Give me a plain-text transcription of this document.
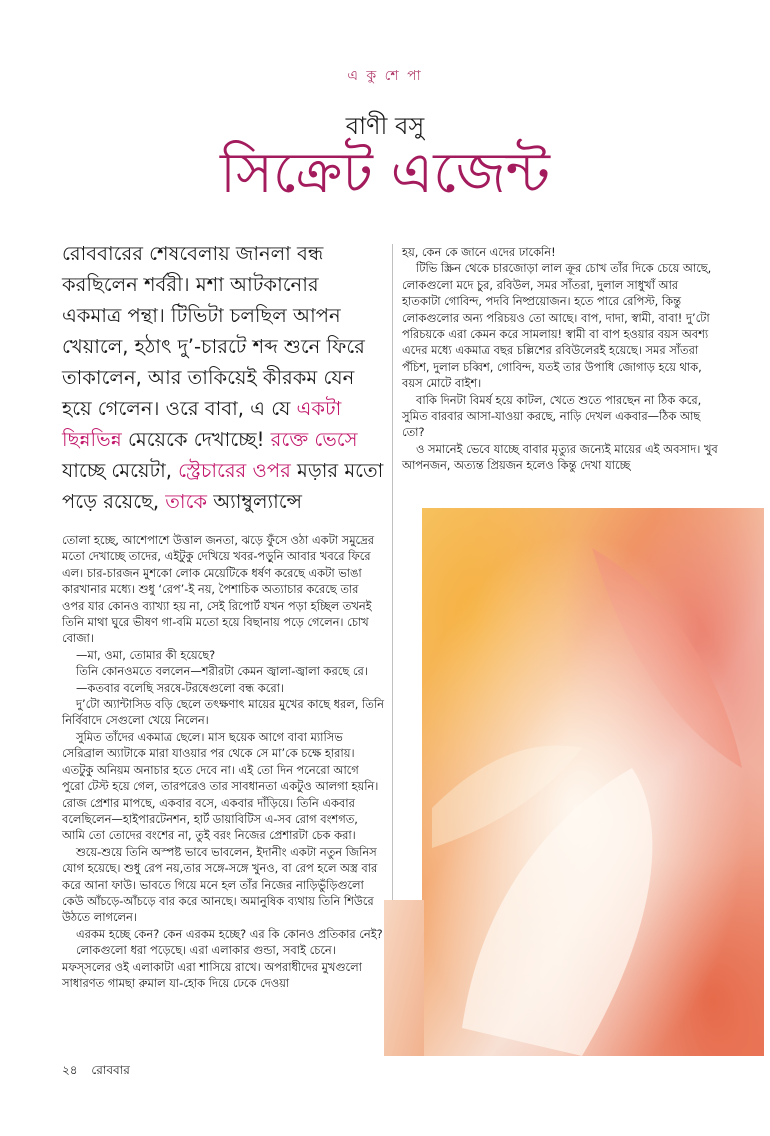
এ কু শে পা
বাণী বসু
সিক্রেট এজেন্ট
রোববারের শেষবেলায় জানলা বন্ধ করছিলেন শর্বরী। মশা আটকানোর একমাত্র পন্থা। টিভিটা চলছিল আপন খেয়ালে, হঠাৎ দু’-চারটে শব্দ শুনে ফিরে তাকালেন, আর তাকিয়েই কীরকম যেন হয়ে গেলেন। ওরে বাবা, এ যে একটা ছিন্নভিন্ন মেয়েকে দেখাচ্ছে! রক্তে ভেসে যাচ্ছে মেয়েটা, স্ট্রেচারের ওপর মড়ার মতো পড়ে রয়েছে, তাকে অ্যাম্বুল্যান্সে

তোলা হচ্ছে, আশেপাশে উত্তাল জনতা, ঝড়ে ফুঁসে ওঠা একটা সমুদ্রের মতো দেখাচ্ছে তাদের, এইটুকু দেখিয়ে খবর-পড়ুনি আবার খবরে ফিরে এল। চার-চারজন মুশকো লোক মেয়েটিকে ধর্ষণ করেছে একটা ভাঙা কারখানার মধ্যে। শুধু ‘রেপ’-ই নয়, পৈশাচিক অত্যাচার করেছে তার ওপর যার কোনও ব্যাখ্যা হয় না, সেই রিপোর্ট যখন পড়া হচ্ছিল তখনই তিনি মাথা ঘুরে ভীষণ গা-বমি মতো হয়ে বিছানায় পড়ে গেলেন। চোখ বোজা।

—মা, ওমা, তোমার কী হয়েছে?

তিনি কোনওমতে বললেন—শরীরটা কেমন জ্বালা-জ্বালা করছে রে।

—কতবার বলেছি সরষে-টরষেগুলো বন্ধ করো।

দু’টো অ্যান্টাসিড বড়ি ছেলে তৎক্ষণাৎ মায়ের মুখের কাছে ধরল, তিনি নির্বিবাদে সেগুলো খেয়ে নিলেন।

সুমিত তাঁদের একমাত্র ছেলে। মাস ছয়েক আগে বাবা ম্যাসিভ সেরিব্রাল অ্যাটাকে মারা যাওয়ার পর থেকে সে মা’কে চক্ষে হারায়। এতটুকু অনিয়ম অনাচার হতে দেবে না। এই তো দিন পনেরো আগে পুরো টেস্ট হয়ে গেল, তারপরেও তার সাবধানতা একটুও আলগা হয়নি। রোজ প্রেশার মাপছে, একবার বসে, একবার দাঁড়িয়ে। তিনি একবার বলেছিলেন—হাইপারটেনশন, হার্ট ডায়াবিটিস এ-সব রোগ বংশগত, আমি তো তোদের বংশের না, তুই বরং নিজের প্রেশারটা চেক করা।

শুয়ে-শুয়ে তিনি অস্পষ্ট ভাবে ভাবলেন, ইদানীং একটা নতুন জিনিস যোগ হয়েছে। শুধু রেপ নয়,তার সঙ্গে-সঙ্গে খুনও, বা রেপ হলে অস্ত্র বার করে আনা ফাউ। ভাবতে গিয়ে মনে হল তাঁর নিজের নাড়িভুঁড়িগুলো কেউ আঁচড়ে-আঁচড়ে বার করে আনছে। অমানুষিক ব্যথায় তিনি শিউরে উঠতে লাগলেন।

এরকম হচ্ছে কেন? কেন এরকম হচ্ছে? এর কি কোনও প্রতিকার নেই?

লোকগুলো ধরা পড়েছে। এরা এলাকার গুন্ডা, সবাই চেনে। মফস্সলের ওই এলাকাটা এরা শাসিয়ে রাখে। অপরাধীদের মুখগুলো সাধারণত গামছা রুমাল যা-হোক দিয়ে ঢেকে দেওয়া

হয়, কেন কে জানে এদের ঢাকেনি!

টিভি স্ক্রিন থেকে চারজোড়া লাল ক্রূর চোখ তাঁর দিকে চেয়ে আছে, লোকগুলো মদে চুর, রবিউল, সমর সাঁতরা, দুলাল সাধুখাঁ আর হাতকাটা গোবিন্দ, পদবি নিষ্প্রয়োজন। হতে পারে রেপিস্ট, কিন্তু লোকগুলোর অন্য পরিচয়ও তো আছে। বাপ, দাদা, স্বামী, বাবা! দু’টো পরিচয়কে এরা কেমন করে সামলায়! স্বামী বা বাপ হওয়ার বয়স অবশ্য এদের মধ্যে একমাত্র বছর চল্লিশের রবিউলেরই হয়েছে। সমর সাঁতরা পঁচিশ, দুলাল চব্বিশ, গোবিন্দ, যতই তার উপাধি জোগাড় হয়ে থাক, বয়স মোটে বাইশ।

বাকি দিনটা বিমর্ষ হয়ে কাটল, খেতে শুতে পারছেন না ঠিক করে, সুমিত বারবার আসা-যাওয়া করছে, নাড়ি দেখল একবার—ঠিক আছ তো?

ও সমানেই ভেবে যাচ্ছে বাবার মৃত্যুর জন্যেই মায়ের এই অবসাদ। খুব আপনজন, অত্যন্ত প্রিয়জন হলেও কিন্তু দেখা যাচ্ছে

২৪ রোববার
